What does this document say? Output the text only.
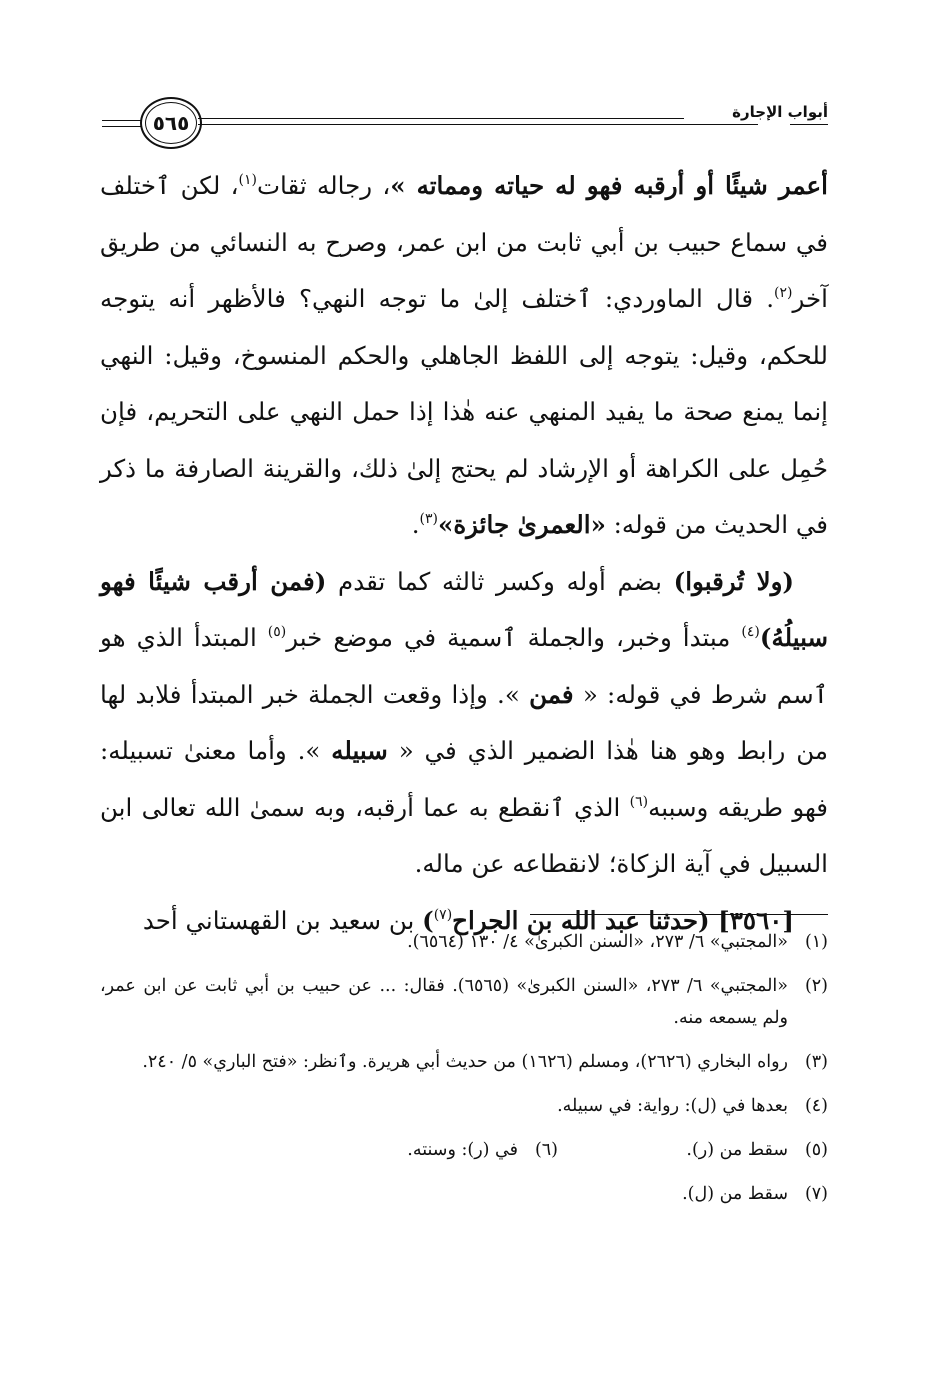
٥٦٥	أبواب الإجارة

أعمر شيئًا أو أرقبه فهو له حياته ومماته »، رجاله ثقات$^{(١)}$، لكن ٱختلف في سماع حبيب بن أبي ثابت من ابن عمر، وصرح به النسائي من طريق آخر$^{(٢)}$. قال الماوردي: ٱختلف إلىٰ ما توجه النهي؟ فالأظهر أنه يتوجه للحكم، وقيل: يتوجه إلى اللفظ الجاهلي والحكم المنسوخ، وقيل: النهي إنما يمنع صحة ما يفيد المنهي عنه هٰذا إذا حمل النهي على التحريم، فإن حُمِل على الكراهة أو الإرشاد لم يحتج إلىٰ ذلك، والقرينة الصارفة ما ذكر في الحديث من قوله: «العمرىٰ جائزة»$^{(٣)}$.

(ولا تُرقبوا) بضم أوله وكسر ثالثه كما تقدم (فمن أرقب شيئًا فهو سبيلُهُ)$^{(٤)}$ مبتدأ وخبر، والجملة ٱسمية في موضع خبر$^{(٥)}$ المبتدأ الذي هو ٱسم شرط في قوله: « فمن ». وإذا وقعت الجملة خبر المبتدأ فلابد لها من رابط وهو هنا هٰذا الضمير الذي في « سبيله ». وأما معنىٰ تسبيله: فهو طريقه وسببه$^{(٦)}$ الذي ٱنقطع به عما أرقبه، وبه سمىٰ الله تعالى ابن السبيل في آية الزكاة؛ لانقطاعه عن ماله.

[٣٥٦٠] (حدثنا عبد الله بن الجراح$^{(٧)}$) بن سعيد بن القهستاني أحد

(١)
«المجتبي» ٦/ ٢٧٣، «السنن الكبرىٰ» ٤/ ١٣٠ (٦٥٦٤).
(٢)
«المجتبي» ٦/ ٢٧٣، «السنن الكبرىٰ» (٦٥٦٥). فقال: ... عن حبيب بن أبي ثابت عن ابن عمر، ولم يسمعه منه.
(٣)
رواه البخاري (٢٦٢٦)، ومسلم (١٦٢٦) من حديث أبي هريرة. وٱنظر: «فتح الباري» ٥/ ٢٤٠.
(٤)
بعدها في (ل): رواية: في سبيله.
(٥)
سقط من (ر).
(٦)
في (ر): وسنته.
(٧)
سقط من (ل).
